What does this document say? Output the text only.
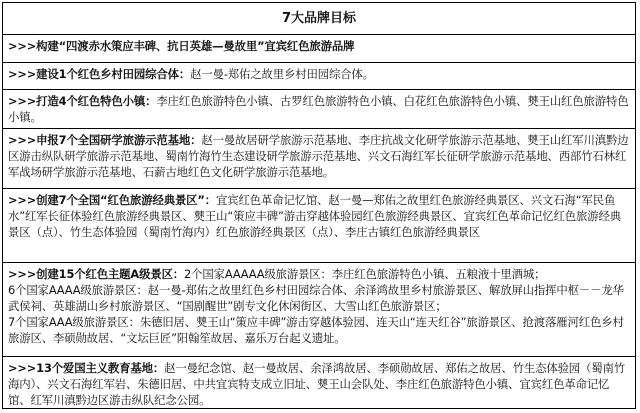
7大品牌目标
>>>构建“四渡赤水策应丰碑、抗日英雄—曼故里”宜宾红色旅游品牌
>>>建设1个红色乡村田园综合体：赵一曼-郑佑之故里乡村田园综合体。
>>>打造4个红色特色小镇：李庄红色旅游特色小镇、古罗红色旅游特色小镇、白花红色旅游特色小镇、僰王山红色旅游特色小镇。
>>>申报7个全国研学旅游示范基地：赵一曼故居研学旅游示范基地、李庄抗战文化研学旅游示范基地、僰王山红军川滇黔边区游击纵队研学旅游示范基地、蜀南竹海竹生态建设研学旅游示范基地、兴文石海红军长征研学旅游示范基地、西部竹石林红军战场研学旅游示范基地、石薪古地红色文化研学旅游示范基地。
>>>创建7个全国“红色旅游经典景区”：宜宾红色革命记忆馆、赵一曼—郑佑之故里红色旅游经典景区、兴文石海“军民鱼水”红军长征体验红色旅游经典景区、僰王山“策应丰碑”游击穿越体验园红色旅游经典景区、宜宾红色革命记忆红色旅游经典景区（点）、竹生态体验园（蜀南竹海内）红色旅游经典景区（点）、李庄古镇红色旅游经典景区
>>>创建15个红色主题A级景区：2个国家AAAAA级旅游景区：李庄红色旅游特色小镇、五粮液十里酒城；
6个国家AAAA级旅游景区：赵一曼-郑佑之故里红色乡村田园综合体、余泽鸿故里乡村旅游景区、解放屏山指挥中枢－－龙华武侯祠、英雄湖山乡村旅游景区、“国剧醒世”剧专文化休闲街区、大雪山红色旅游景区；
7个国家AAA级旅游景区：朱德旧居、僰王山“策应丰碑”游击穿越体验园、连天山“连天红谷”旅游景区、抢渡落雁河红色乡村旅游区、李硕勋故居、“文坛巨匠”阳翰笙故居、嘉乐万台起义遗址。
>>>13个爱国主义教育基地：赵一曼纪念馆、赵一曼故居、余泽鸿故居、李硕勋故居、郑佑之故居、竹生态体验园（蜀南竹海内）、兴文石海红军岩、朱德旧居、中共宜宾特支成立旧址、僰王山会队处、李庄红色旅游特色小镇、宜宾红色革命记忆馆、红军川滇黔边区游击纵队纪念公园。
